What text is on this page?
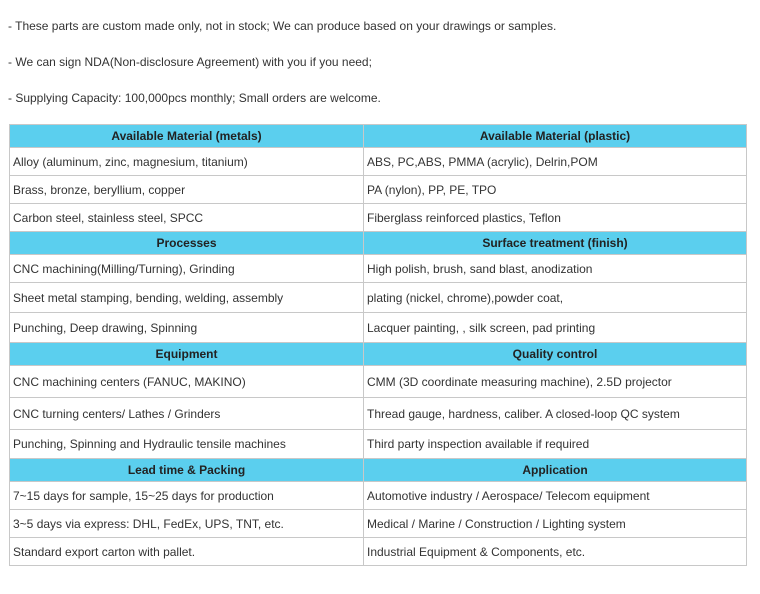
- These parts are custom made only, not in stock; We can produce based on your drawings or samples.
- We can sign NDA(Non-disclosure Agreement) with you if you need;
- Supplying Capacity: 100,000pcs monthly; Small orders are welcome.
Available Material (metals)	Available Material (plastic)
Alloy (aluminum, zinc, magnesium, titanium)	ABS, PC,ABS, PMMA (acrylic), Delrin,POM
Brass, bronze, beryllium, copper	PA (nylon), PP, PE, TPO
Carbon steel, stainless steel, SPCC	Fiberglass reinforced plastics, Teflon
Processes	Surface treatment (finish)
CNC machining(Milling/Turning), Grinding	High polish, brush, sand blast, anodization
Sheet metal stamping, bending, welding, assembly	plating (nickel, chrome),powder coat,
Punching, Deep drawing, Spinning	Lacquer painting, , silk screen, pad printing
Equipment	Quality control
CNC machining centers (FANUC, MAKINO)	CMM (3D coordinate measuring machine), 2.5D projector
CNC turning centers/ Lathes / Grinders	Thread gauge, hardness, caliber. A closed-loop QC system
Punching, Spinning and Hydraulic tensile machines	Third party inspection available if required
Lead time & Packing	Application
7~15 days for sample, 15~25 days for production	Automotive industry / Aerospace/ Telecom equipment
3~5 days via express: DHL, FedEx, UPS, TNT, etc.	Medical / Marine / Construction / Lighting system
Standard export carton with pallet.	Industrial Equipment & Components, etc.
